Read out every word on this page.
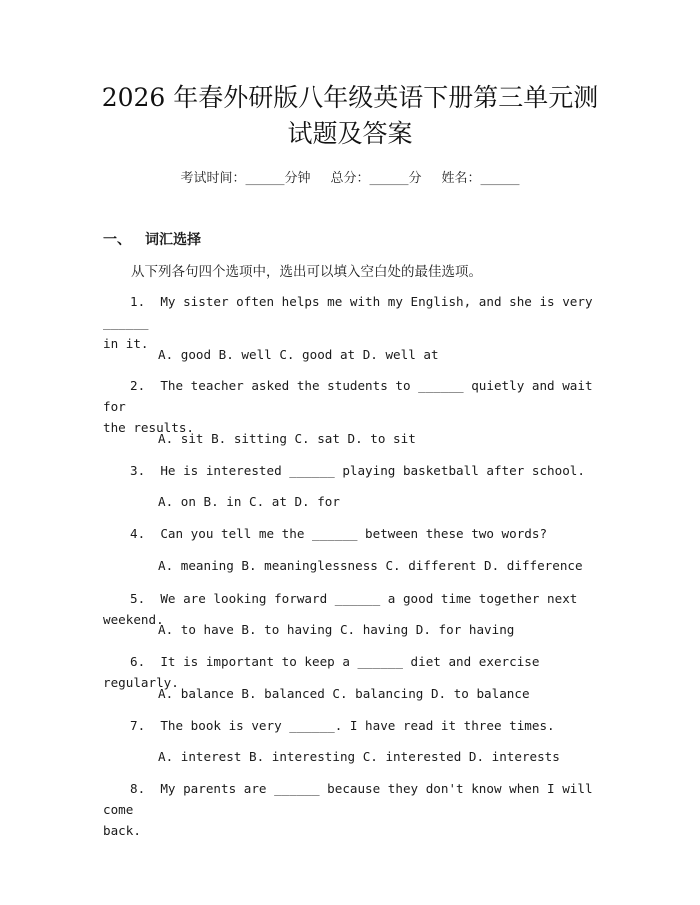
2026 年春外研版八年级英语下册第三单元测
试题及答案
考试时间：______分钟 总分：______分 姓名：______
一、 词汇选择
从下列各句四个选项中，选出可以填入空白处的最佳选项。
1. My sister often helps me with my English, and she is very ______
in it.
A. good B. well C. good at D. well at
2. The teacher asked the students to ______ quietly and wait for
the results.
A. sit B. sitting C. sat D. to sit
3. He is interested ______ playing basketball after school.
A. on B. in C. at D. for
4. Can you tell me the ______ between these two words?
A. meaning B. meaninglessness C. different D. difference
5. We are looking forward ______ a good time together next weekend.
A. to have B. to having C. having D. for having
6. It is important to keep a ______ diet and exercise regularly.
A. balance B. balanced C. balancing D. to balance
7. The book is very ______. I have read it three times.
A. interest B. interesting C. interested D. interests
8. My parents are ______ because they don't know when I will come
back.
